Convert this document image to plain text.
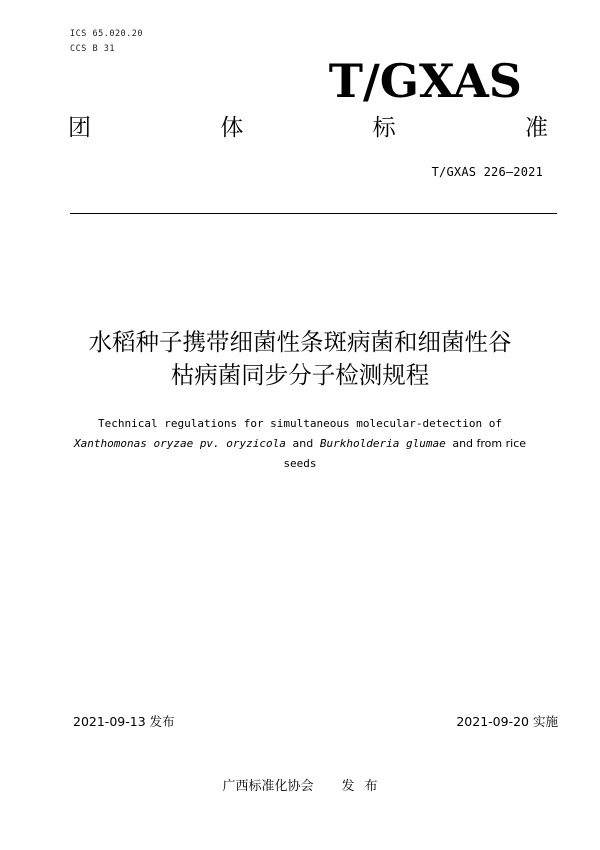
ICS 65.020.20
CCS B 31
T/GXAS
团	体	标	准
T/GXAS 226—2021
水稻种子携带细菌性条斑病菌和细菌性谷
枯病菌同步分子检测规程
Technical regulations for simultaneous molecular-detection of
Xanthomonas oryzae pv. oryzicola and Burkholderia glumae and from rice
seeds
2021-09-13 发布	2021-09-20 实施
广西标准化协会 发 布
